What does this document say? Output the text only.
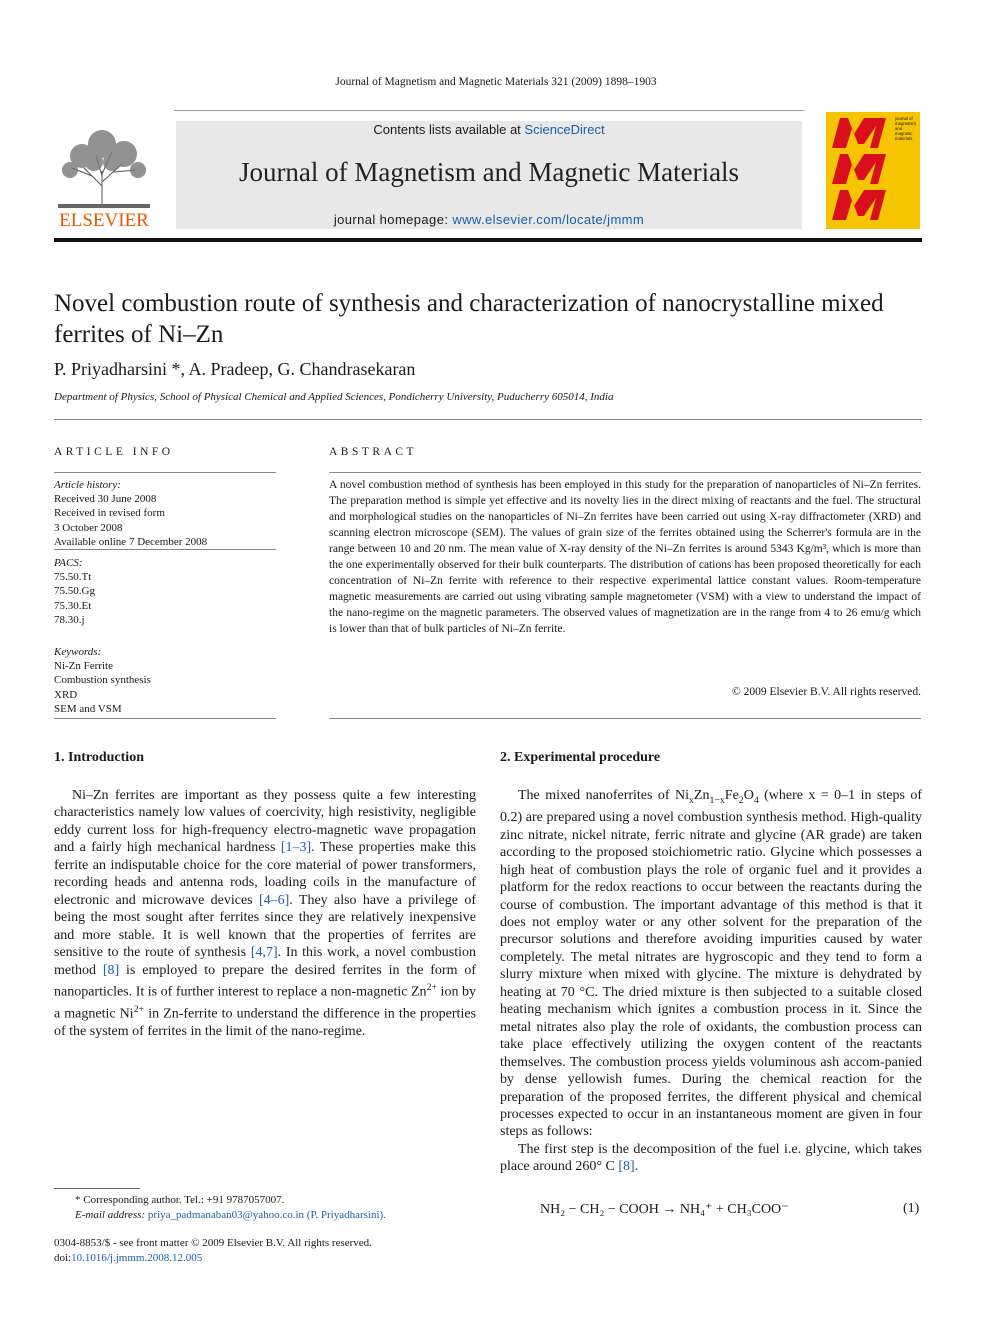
Journal of Magnetism and Magnetic Materials 321 (2009) 1898–1903
ELSEVIER
Contents lists available at ScienceDirect
Journal of Magnetism and Magnetic Materials
journal homepage: www.elsevier.com/locate/jmmm
journal of magnetism and magnetic materials
Novel combustion route of synthesis and characterization of nanocrystalline mixed ferrites of Ni–Zn
P. Priyadharsini *, A. Pradeep, G. Chandrasekaran
Department of Physics, School of Physical Chemical and Applied Sciences, Pondicherry University, Puducherry 605014, India
ARTICLE INFO	ABSTRACT
Article history:
Received 30 June 2008
Received in revised form
3 October 2008
Available online 7 December 2008
PACS:
75.50.Tt
75.50.Gg
75.30.Et
78.30.j
Keywords:
Ni-Zn Ferrite
Combustion synthesis
XRD
SEM and VSM
A novel combustion method of synthesis has been employed in this study for the preparation of nanoparticles of Ni–Zn ferrites. The preparation method is simple yet effective and its novelty lies in the direct mixing of reactants and the fuel. The structural and morphological studies on the nanoparticles of Ni–Zn ferrites have been carried out using X-ray diffractometer (XRD) and scanning electron microscope (SEM). The values of grain size of the ferrites obtained using the Scherrer's formula are in the range between 10 and 20 nm. The mean value of X-ray density of the Ni–Zn ferrites is around 5343 Kg/m³, which is more than the one experimentally observed for their bulk counterparts. The distribution of cations has been proposed theoretically for each concentration of Ni–Zn ferrite with reference to their respective experimental lattice constant values. Room-temperature magnetic measurements are carried out using vibrating sample magnetometer (VSM) with a view to understand the impact of the nano-regime on the magnetic parameters. The observed values of magnetization are in the range from 4 to 26 emu/g which is lower than that of bulk particles of Ni–Zn ferrite.
© 2009 Elsevier B.V. All rights reserved.
1. Introduction

Ni–Zn ferrites are important as they possess quite a few interesting characteristics namely low values of coercivity, high resistivity, negligible eddy current loss for high-frequency electro-magnetic wave propagation and a fairly high mechanical hardness [1–3]. These properties make this ferrite an indisputable choice for the core material of power transformers, recording heads and antenna rods, loading coils in the manufacture of electronic and microwave devices [4–6]. They also have a privilege of being the most sought after ferrites since they are relatively inexpensive and more stable. It is well known that the properties of ferrites are sensitive to the route of synthesis [4,7]. In this work, a novel combustion method [8] is employed to prepare the desired ferrites in the form of nanoparticles. It is of further interest to replace a non-magnetic $Zn^{2+}$ ion by a magnetic $Ni^{2+}$ in Zn-ferrite to understand the difference in the properties of the system of ferrites in the limit of the nano-regime.

2. Experimental procedure

The mixed nanoferrites of $Ni_xZn_{1-x}Fe_2O_4$ (where x = 0–1 in steps of 0.2) are prepared using a novel combustion synthesis method. High-quality zinc nitrate, nickel nitrate, ferric nitrate and glycine (AR grade) are taken according to the proposed stoichiometric ratio. Glycine which possesses a high heat of combustion plays the role of organic fuel and it provides a platform for the redox reactions to occur between the reactants during the course of combustion. The important advantage of this method is that it does not employ water or any other solvent for the preparation of the precursor solutions and therefore avoiding impurities caused by water completely. The metal nitrates are hygroscopic and they tend to form a slurry mixture when mixed with glycine. The mixture is dehydrated by heating at 70 °C. The dried mixture is then subjected to a suitable closed heating mechanism which ignites a combustion process in it. Since the metal nitrates also play the role of oxidants, the combustion process can take place effectively utilizing the oxygen content of the reactants themselves. The combustion process yields voluminous ash accom-panied by dense yellowish fumes. During the chemical reaction for the preparation of the proposed ferrites, the different physical and chemical processes expected to occur in an instantaneous moment are given in four steps as follows:

The first step is the decomposition of the fuel i.e. glycine, which takes place around 260° C [8].

NH₂ − CH₂ − COOH → NH₄⁺ + CH₃COO⁻	(1)
* Corresponding author. Tel.: +91 9787057007.
E-mail address: priya_padmanaban03@yahoo.co.in (P. Priyadharsini).
0304-8853/$ - see front matter © 2009 Elsevier B.V. All rights reserved.
doi:10.1016/j.jmmm.2008.12.005
